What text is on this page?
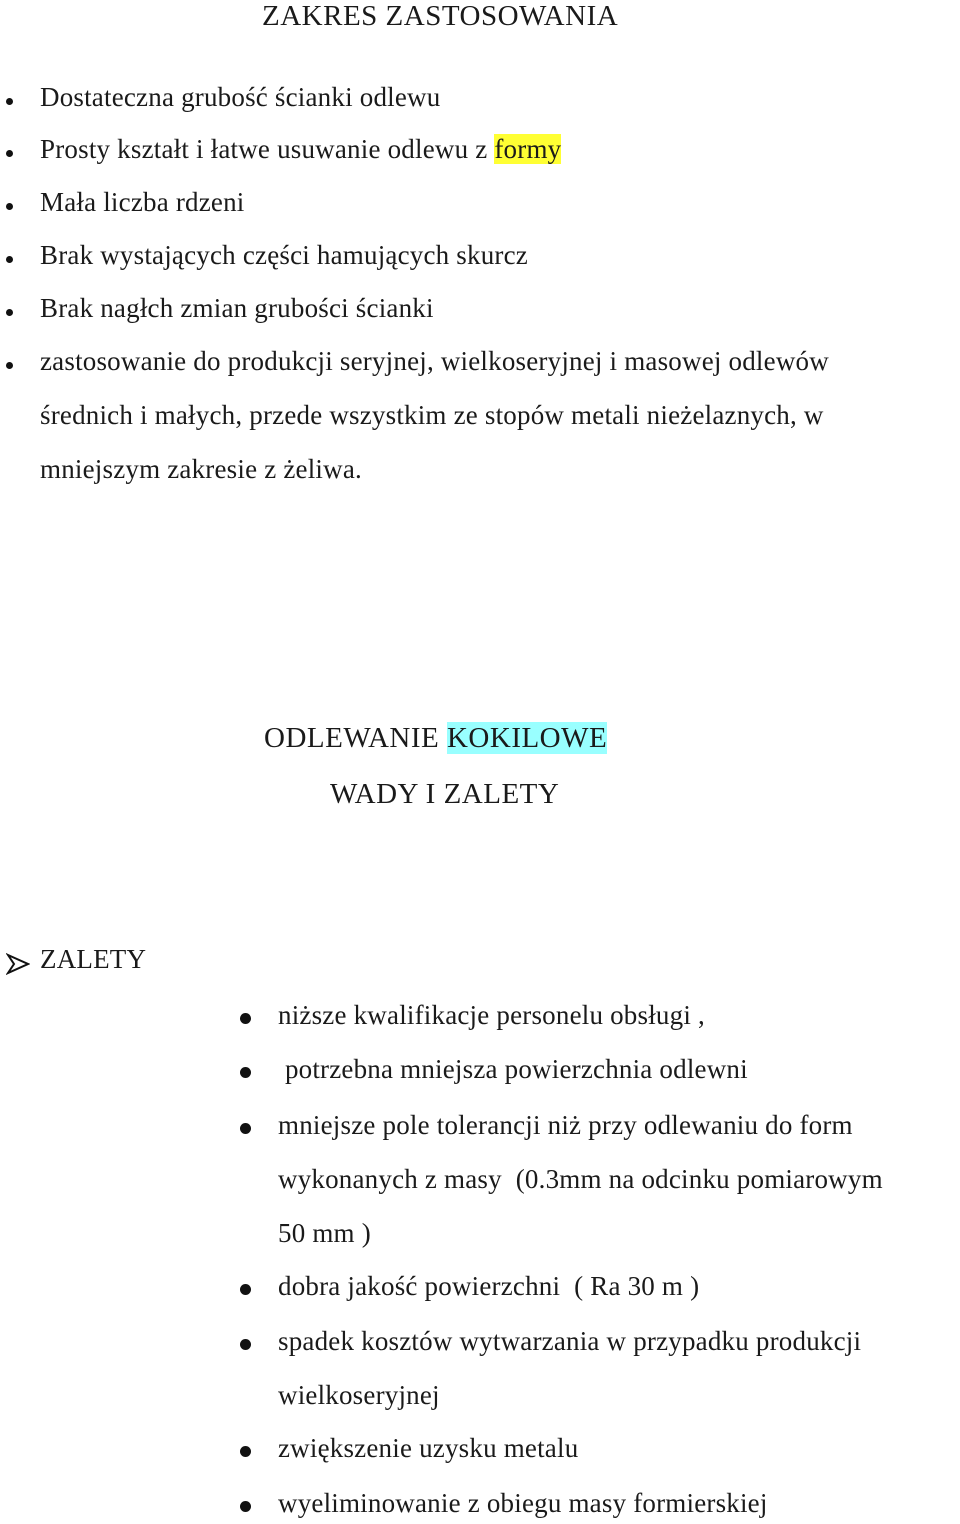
ZAKRES ZASTOSOWANIA
Dostateczna grubość ścianki odlewu
Prosty kształt i łatwe usuwanie odlewu z formy
Mała liczba rdzeni
Brak wystających części hamujących skurcz
Brak nagłch zmian grubości ścianki
zastosowanie do produkcji seryjnej, wielkoseryjnej i masowej odlewów
średnich i małych, przede wszystkim ze stopów metali nieżelaznych, w
mniejszym zakresie z żeliwa.
ODLEWANIE KOKILOWE
WADY I ZALETY
ZALETY
niższe kwalifikacje personelu obsługi ,
potrzebna mniejsza powierzchnia odlewni
mniejsze pole tolerancji niż przy odlewaniu do form
wykonanych z masy  (0.3mm na odcinku pomiarowym
50 mm )
dobra jakość powierzchni  ( Ra 30 m )
spadek kosztów wytwarzania w przypadku produkcji
wielkoseryjnej
zwiększenie uzysku metalu
wyeliminowanie z obiegu masy formierskiej
